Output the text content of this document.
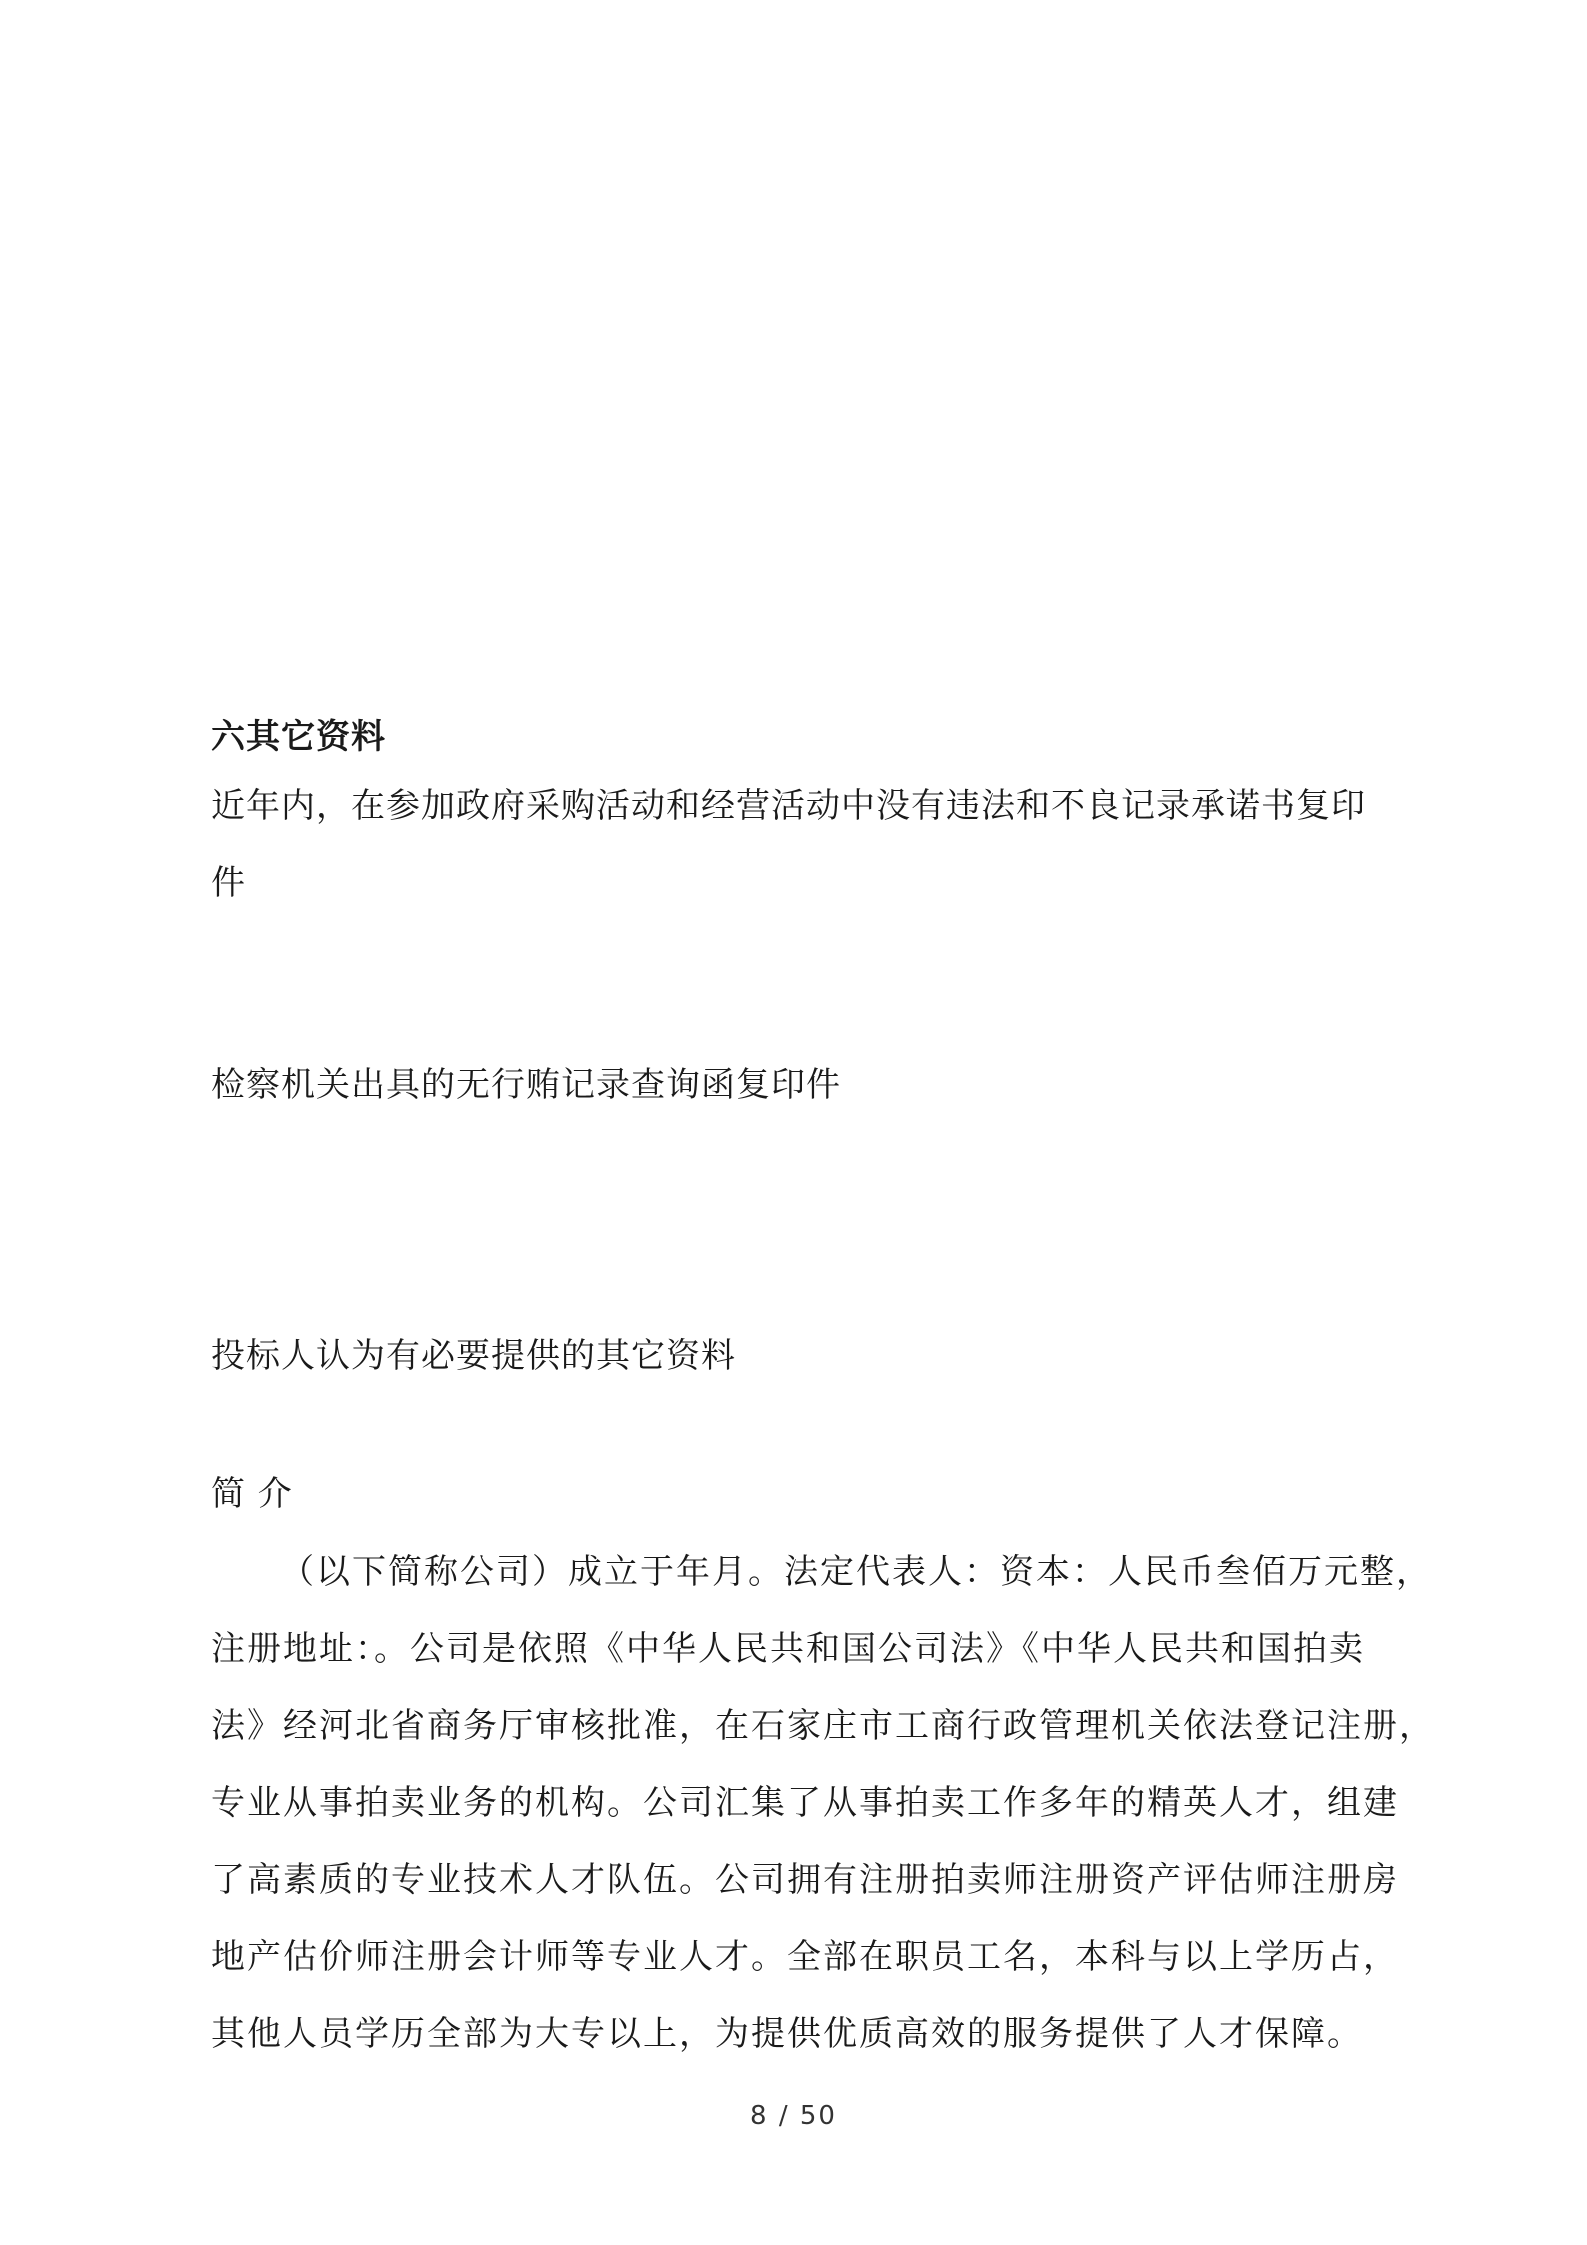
六其它资料
近年内，在参加政府采购活动和经营活动中没有违法和不良记录承诺书复印
件
检察机关出具的无行贿记录查询函复印件
投标人认为有必要提供的其它资料
简 介
（以下简称公司）成立于年月。法定代表人：资本：人民币叁佰万元整，
注册地址：。公司是依照《中华人民共和国公司法》《中华人民共和国拍卖
法》经河北省商务厅审核批准，在石家庄市工商行政管理机关依法登记注册，
专业从事拍卖业务的机构。公司汇集了从事拍卖工作多年的精英人才，组建
了高素质的专业技术人才队伍。公司拥有注册拍卖师注册资产评估师注册房
地产估价师注册会计师等专业人才。全部在职员工名，本科与以上学历占，
其他人员学历全部为大专以上，为提供优质高效的服务提供了人才保障。
8 / 50
